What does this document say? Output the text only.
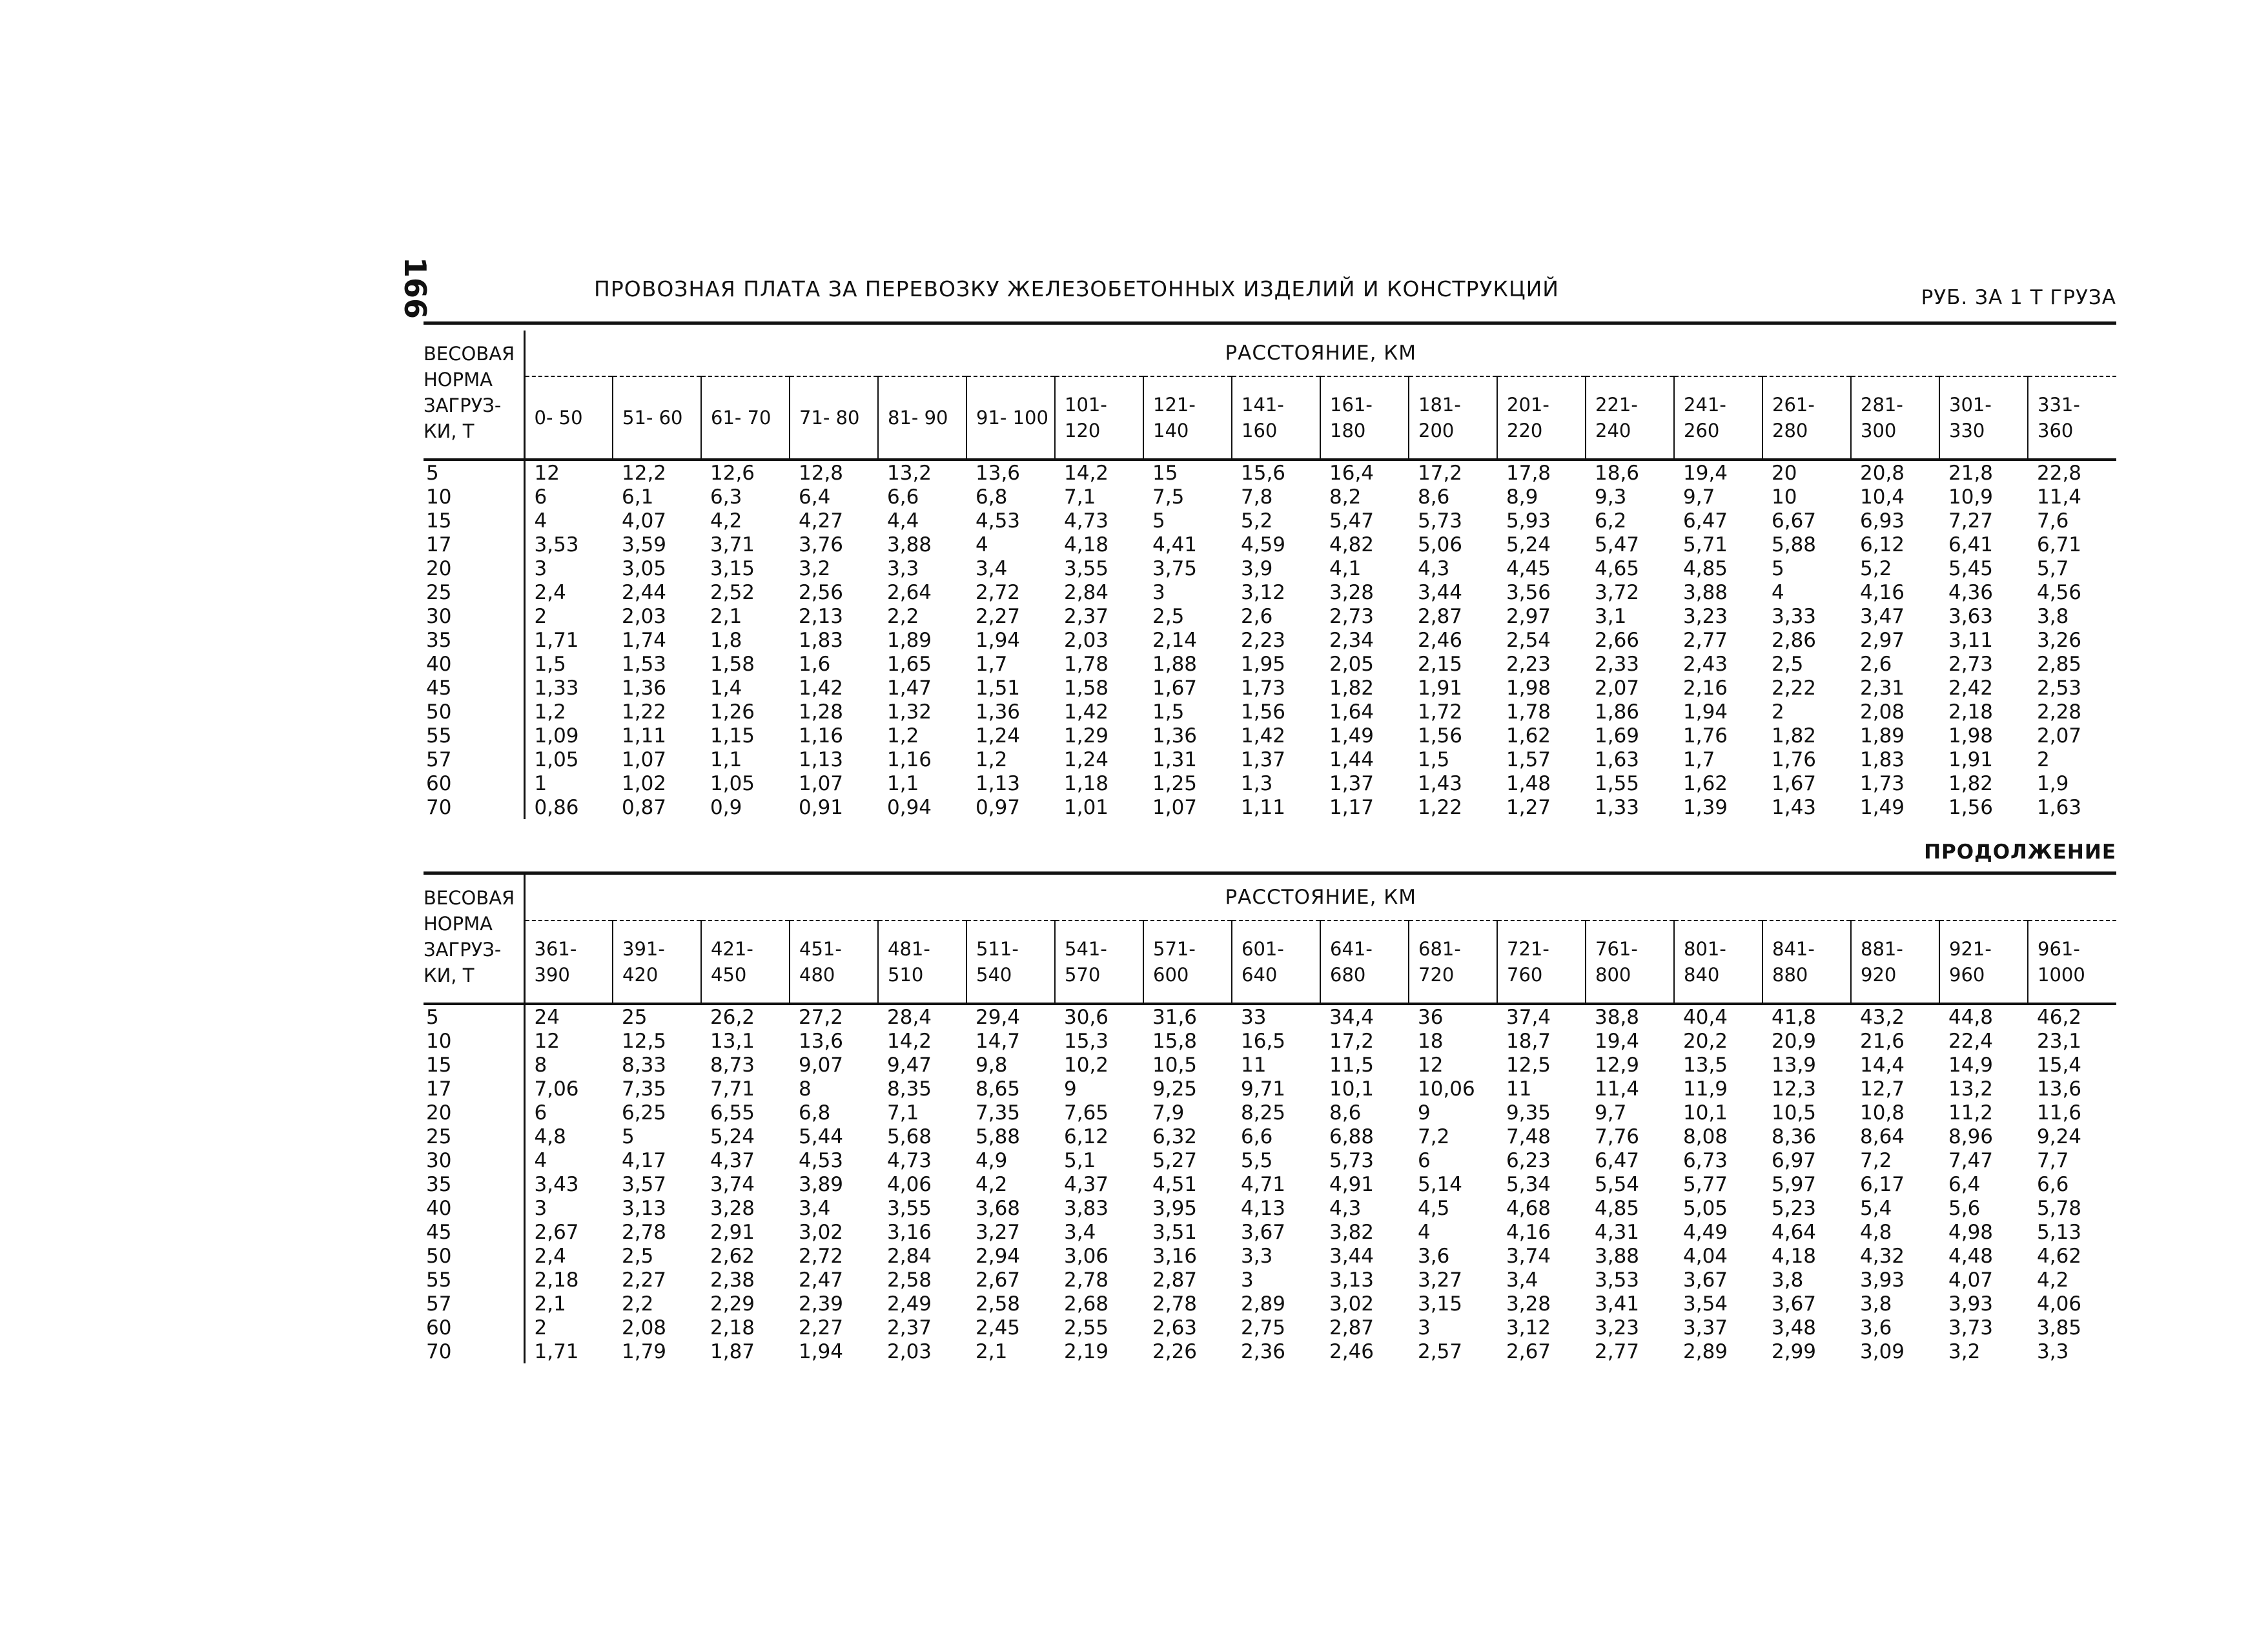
166	ПРОВОЗНАЯ ПЛАТА ЗА ПЕРЕВОЗКУ ЖЕЛЕЗОБЕТОННЫХ ИЗДЕЛИЙ И КОНСТРУКЦИЙ	РУБ. ЗА 1 Т ГРУЗА
ВЕСОВАЯ НОРМА ЗАГРУЗ- КИ, Т	РАССТОЯНИЕ, КМ																	
	0- 50	51- 60	61- 70	71- 80	81- 90	91- 100	101- 120	121- 140	141- 160	161- 180	181- 200	201- 220	221- 240	241- 260	261- 280	281- 300	301- 330	331- 360
5	12	12,2	12,6	12,8	13,2	13,6	14,2	15	15,6	16,4	17,2	17,8	18,6	19,4	20	20,8	21,8	22,8
10	6	6,1	6,3	6,4	6,6	6,8	7,1	7,5	7,8	8,2	8,6	8,9	9,3	9,7	10	10,4	10,9	11,4
15	4	4,07	4,2	4,27	4,4	4,53	4,73	5	5,2	5,47	5,73	5,93	6,2	6,47	6,67	6,93	7,27	7,6
17	3,53	3,59	3,71	3,76	3,88	4	4,18	4,41	4,59	4,82	5,06	5,24	5,47	5,71	5,88	6,12	6,41	6,71
20	3	3,05	3,15	3,2	3,3	3,4	3,55	3,75	3,9	4,1	4,3	4,45	4,65	4,85	5	5,2	5,45	5,7
25	2,4	2,44	2,52	2,56	2,64	2,72	2,84	3	3,12	3,28	3,44	3,56	3,72	3,88	4	4,16	4,36	4,56
30	2	2,03	2,1	2,13	2,2	2,27	2,37	2,5	2,6	2,73	2,87	2,97	3,1	3,23	3,33	3,47	3,63	3,8
35	1,71	1,74	1,8	1,83	1,89	1,94	2,03	2,14	2,23	2,34	2,46	2,54	2,66	2,77	2,86	2,97	3,11	3,26
40	1,5	1,53	1,58	1,6	1,65	1,7	1,78	1,88	1,95	2,05	2,15	2,23	2,33	2,43	2,5	2,6	2,73	2,85
45	1,33	1,36	1,4	1,42	1,47	1,51	1,58	1,67	1,73	1,82	1,91	1,98	2,07	2,16	2,22	2,31	2,42	2,53
50	1,2	1,22	1,26	1,28	1,32	1,36	1,42	1,5	1,56	1,64	1,72	1,78	1,86	1,94	2	2,08	2,18	2,28
55	1,09	1,11	1,15	1,16	1,2	1,24	1,29	1,36	1,42	1,49	1,56	1,62	1,69	1,76	1,82	1,89	1,98	2,07
57	1,05	1,07	1,1	1,13	1,16	1,2	1,24	1,31	1,37	1,44	1,5	1,57	1,63	1,7	1,76	1,83	1,91	2
60	1	1,02	1,05	1,07	1,1	1,13	1,18	1,25	1,3	1,37	1,43	1,48	1,55	1,62	1,67	1,73	1,82	1,9
70	0,86	0,87	0,9	0,91	0,94	0,97	1,01	1,07	1,11	1,17	1,22	1,27	1,33	1,39	1,43	1,49	1,56	1,63
ПРОДОЛЖЕНИЕ
ВЕСОВАЯ НОРМА ЗАГРУЗ- КИ, Т	РАССТОЯНИЕ, КМ																	
	361- 390	391- 420	421- 450	451- 480	481- 510	511- 540	541- 570	571- 600	601- 640	641- 680	681- 720	721- 760	761- 800	801- 840	841- 880	881- 920	921- 960	961- 1000
5	24	25	26,2	27,2	28,4	29,4	30,6	31,6	33	34,4	36	37,4	38,8	40,4	41,8	43,2	44,8	46,2
10	12	12,5	13,1	13,6	14,2	14,7	15,3	15,8	16,5	17,2	18	18,7	19,4	20,2	20,9	21,6	22,4	23,1
15	8	8,33	8,73	9,07	9,47	9,8	10,2	10,5	11	11,5	12	12,5	12,9	13,5	13,9	14,4	14,9	15,4
17	7,06	7,35	7,71	8	8,35	8,65	9	9,25	9,71	10,1	10,06	11	11,4	11,9	12,3	12,7	13,2	13,6
20	6	6,25	6,55	6,8	7,1	7,35	7,65	7,9	8,25	8,6	9	9,35	9,7	10,1	10,5	10,8	11,2	11,6
25	4,8	5	5,24	5,44	5,68	5,88	6,12	6,32	6,6	6,88	7,2	7,48	7,76	8,08	8,36	8,64	8,96	9,24
30	4	4,17	4,37	4,53	4,73	4,9	5,1	5,27	5,5	5,73	6	6,23	6,47	6,73	6,97	7,2	7,47	7,7
35	3,43	3,57	3,74	3,89	4,06	4,2	4,37	4,51	4,71	4,91	5,14	5,34	5,54	5,77	5,97	6,17	6,4	6,6
40	3	3,13	3,28	3,4	3,55	3,68	3,83	3,95	4,13	4,3	4,5	4,68	4,85	5,05	5,23	5,4	5,6	5,78
45	2,67	2,78	2,91	3,02	3,16	3,27	3,4	3,51	3,67	3,82	4	4,16	4,31	4,49	4,64	4,8	4,98	5,13
50	2,4	2,5	2,62	2,72	2,84	2,94	3,06	3,16	3,3	3,44	3,6	3,74	3,88	4,04	4,18	4,32	4,48	4,62
55	2,18	2,27	2,38	2,47	2,58	2,67	2,78	2,87	3	3,13	3,27	3,4	3,53	3,67	3,8	3,93	4,07	4,2
57	2,1	2,2	2,29	2,39	2,49	2,58	2,68	2,78	2,89	3,02	3,15	3,28	3,41	3,54	3,67	3,8	3,93	4,06
60	2	2,08	2,18	2,27	2,37	2,45	2,55	2,63	2,75	2,87	3	3,12	3,23	3,37	3,48	3,6	3,73	3,85
70	1,71	1,79	1,87	1,94	2,03	2,1	2,19	2,26	2,36	2,46	2,57	2,67	2,77	2,89	2,99	3,09	3,2	3,3
